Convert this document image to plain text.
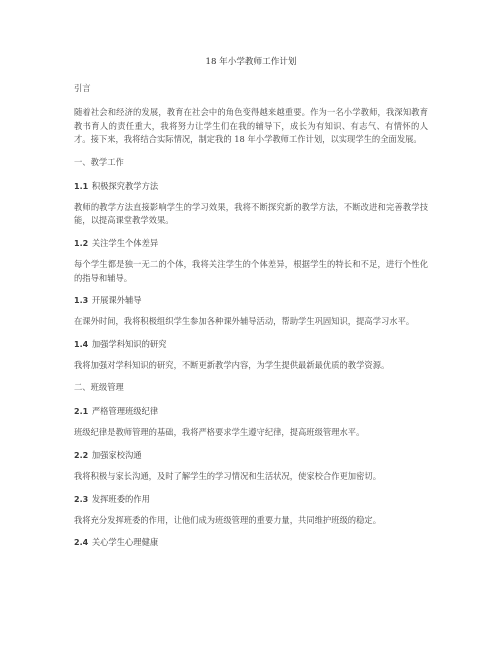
18 年小学教师工作计划
引言
随着社会和经济的发展，教育在社会中的角色变得越来越重要。作为一名小学教师，我深知教育教书育人的责任重大，我将努力让学生们在我的辅导下，成长为有知识、有志气、有情怀的人才。接下来，我将结合实际情况，制定我的 18 年小学教师工作计划，以实现学生的全面发展。
一、教学工作
1.1 积极探究教学方法
教师的教学方法直接影响学生的学习效果，我将不断探究新的教学方法，不断改进和完善教学技能，以提高课堂教学效果。
1.2 关注学生个体差异
每个学生都是独一无二的个体，我将关注学生的个体差异，根据学生的特长和不足，进行个性化的指导和辅导。
1.3 开展课外辅导
在课外时间，我将积极组织学生参加各种课外辅导活动，帮助学生巩固知识，提高学习水平。
1.4 加强学科知识的研究
我将加强对学科知识的研究，不断更新教学内容，为学生提供最新最优质的教学资源。
二、班级管理
2.1 严格管理班级纪律
班级纪律是教师管理的基础，我将严格要求学生遵守纪律，提高班级管理水平。
2.2 加强家校沟通
我将积极与家长沟通，及时了解学生的学习情况和生活状况，使家校合作更加密切。
2.3 发挥班委的作用
我将充分发挥班委的作用，让他们成为班级管理的重要力量，共同维护班级的稳定。
2.4 关心学生心理健康
